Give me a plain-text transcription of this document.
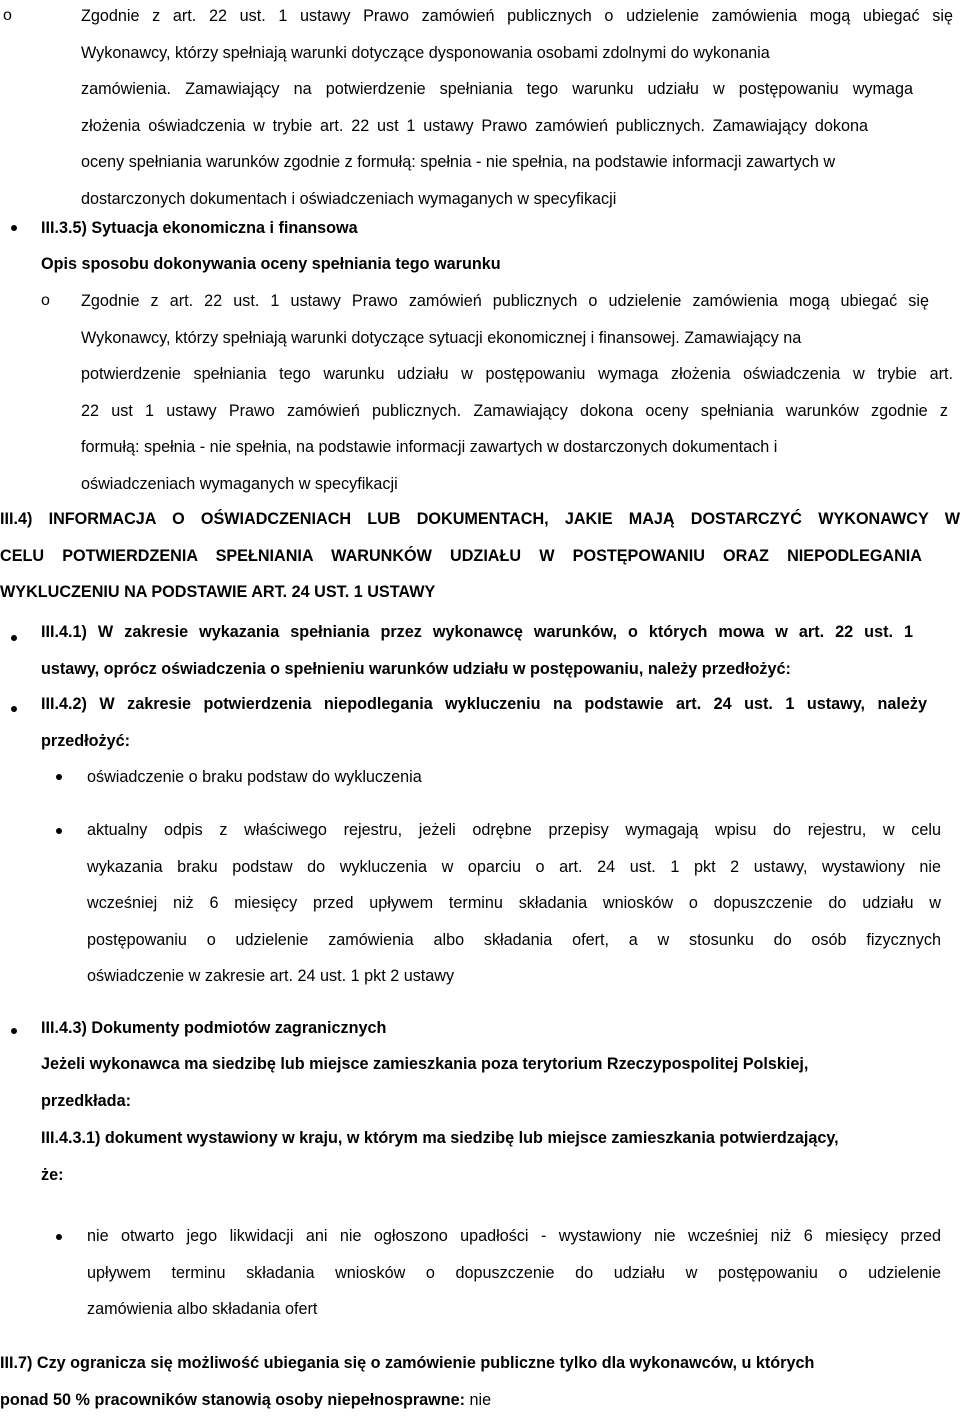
o	Zgodnie z art. 22 ust. 1 ustawy Prawo zamówień publicznych o udzielenie zamówienia mogą ubiegać się
Wykonawcy, którzy spełniają warunki dotyczące dysponowania osobami zdolnymi do wykonania
zamówienia. Zamawiający na potwierdzenie spełniania tego warunku udziału w postępowaniu wymaga
złożenia oświadczenia w trybie art. 22 ust 1 ustawy Prawo zamówień publicznych. Zamawiający dokona
oceny spełniania warunków zgodnie z formułą: spełnia - nie spełnia, na podstawie informacji zawartych w
dostarczonych dokumentach i oświadczeniach wymaganych w specyfikacji
III.3.5) Sytuacja ekonomiczna i finansowa
Opis sposobu dokonywania oceny spełniania tego warunku
o	Zgodnie z art. 22 ust. 1 ustawy Prawo zamówień publicznych o udzielenie zamówienia mogą ubiegać się
Wykonawcy, którzy spełniają warunki dotyczące sytuacji ekonomicznej i finansowej. Zamawiający na
potwierdzenie spełniania tego warunku udziału w postępowaniu wymaga złożenia oświadczenia w trybie art.
22 ust 1 ustawy Prawo zamówień publicznych. Zamawiający dokona oceny spełniania warunków zgodnie z
formułą: spełnia - nie spełnia, na podstawie informacji zawartych w dostarczonych dokumentach i
oświadczeniach wymaganych w specyfikacji
III.4) INFORMACJA O OŚWIADCZENIACH LUB DOKUMENTACH, JAKIE MAJĄ DOSTARCZYĆ WYKONAWCY W
CELU POTWIERDZENIA SPEŁNIANIA WARUNKÓW UDZIAŁU W POSTĘPOWANIU ORAZ NIEPODLEGANIA
WYKLUCZENIU NA PODSTAWIE ART. 24 UST. 1 USTAWY
III.4.1) W zakresie wykazania spełniania przez wykonawcę warunków, o których mowa w art. 22 ust. 1
ustawy, oprócz oświadczenia o spełnieniu warunków udziału w postępowaniu, należy przedłożyć:
III.4.2) W zakresie potwierdzenia niepodlegania wykluczeniu na podstawie art. 24 ust. 1 ustawy, należy
przedłożyć:
oświadczenie o braku podstaw do wykluczenia
aktualny odpis z właściwego rejestru, jeżeli odrębne przepisy wymagają wpisu do rejestru, w celu
wykazania braku podstaw do wykluczenia w oparciu o art. 24 ust. 1 pkt 2 ustawy, wystawiony nie
wcześniej niż 6 miesięcy przed upływem terminu składania wniosków o dopuszczenie do udziału w
postępowaniu o udzielenie zamówienia albo składania ofert, a w stosunku do osób fizycznych
oświadczenie w zakresie art. 24 ust. 1 pkt 2 ustawy
III.4.3) Dokumenty podmiotów zagranicznych
Jeżeli wykonawca ma siedzibę lub miejsce zamieszkania poza terytorium Rzeczypospolitej Polskiej,
przedkłada:
III.4.3.1) dokument wystawiony w kraju, w którym ma siedzibę lub miejsce zamieszkania potwierdzający,
że:
nie otwarto jego likwidacji ani nie ogłoszono upadłości - wystawiony nie wcześniej niż 6 miesięcy przed
upływem terminu składania wniosków o dopuszczenie do udziału w postępowaniu o udzielenie
zamówienia albo składania ofert
III.7) Czy ogranicza się możliwość ubiegania się o zamówienie publiczne tylko dla wykonawców, u których
ponad 50 % pracowników stanowią osoby niepełnosprawne: nie
